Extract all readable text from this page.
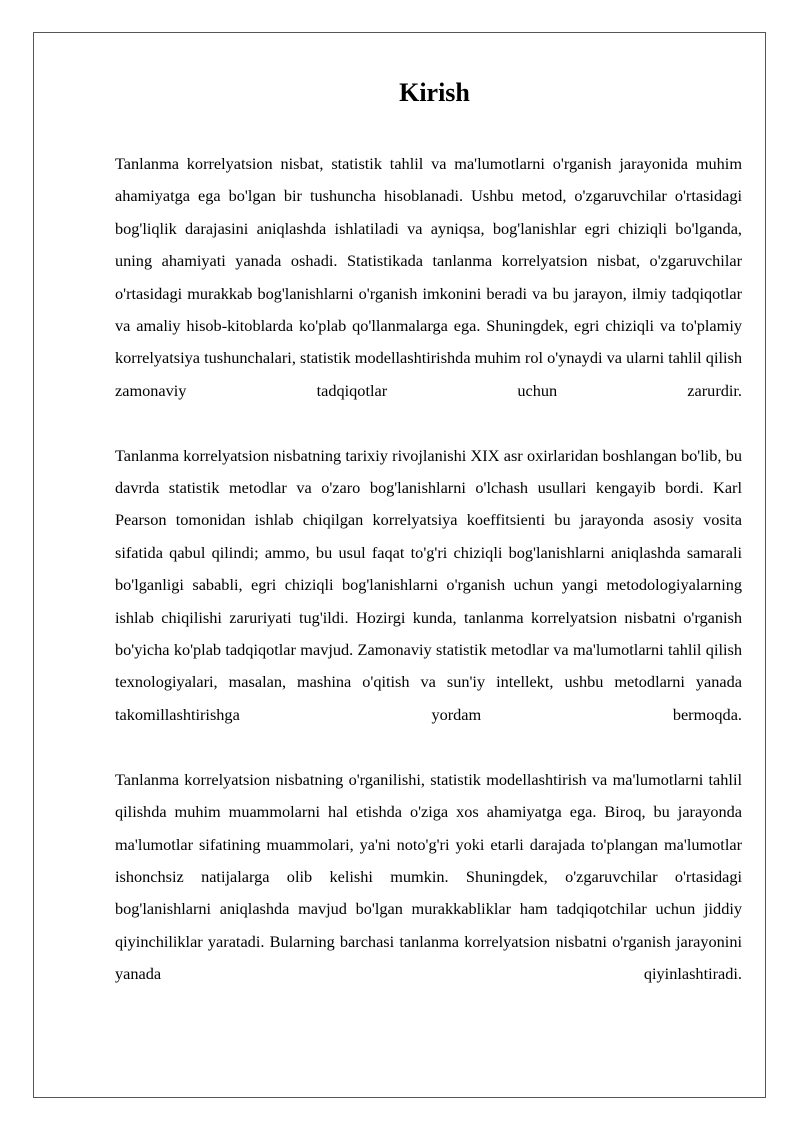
Kirish

Tanlanma korrelyatsion nisbat, statistik tahlil va ma'lumotlarni o'rganish jarayonida muhim ahamiyatga ega bo'lgan bir tushuncha hisoblanadi. Ushbu metod, o'zgaruvchilar o'rtasidagi bog'liqlik darajasini aniqlashda ishlatiladi va ayniqsa, bog'lanishlar egri chiziqli bo'lganda, uning ahamiyati yanada oshadi. Statistikada tanlanma korrelyatsion nisbat, o'zgaruvchilar o'rtasidagi murakkab bog'lanishlarni o'rganish imkonini beradi va bu jarayon, ilmiy tadqiqotlar va amaliy hisob-kitoblarda ko'plab qo'llanmalarga ega. Shuningdek, egri chiziqli va to'plamiy korrelyatsiya tushunchalari, statistik modellashtirishda muhim rol o'ynaydi va ularni tahlil qilish zamonaviy tadqiqotlar uchun zarurdir.

Tanlanma korrelyatsion nisbatning tarixiy rivojlanishi XIX asr oxirlaridan boshlangan bo'lib, bu davrda statistik metodlar va o'zaro bog'lanishlarni o'lchash usullari kengayib bordi. Karl Pearson tomonidan ishlab chiqilgan korrelyatsiya koeffitsienti bu jarayonda asosiy vosita sifatida qabul qilindi; ammo, bu usul faqat to'g'ri chiziqli bog'lanishlarni aniqlashda samarali bo'lganligi sababli, egri chiziqli bog'lanishlarni o'rganish uchun yangi metodologiyalarning ishlab chiqilishi zaruriyati tug'ildi. Hozirgi kunda, tanlanma korrelyatsion nisbatni o'rganish bo'yicha ko'plab tadqiqotlar mavjud. Zamonaviy statistik metodlar va ma'lumotlarni tahlil qilish texnologiyalari, masalan, mashina o'qitish va sun'iy intellekt, ushbu metodlarni yanada takomillashtirishga yordam bermoqda.

Tanlanma korrelyatsion nisbatning o'rganilishi, statistik modellashtirish va ma'lumotlarni tahlil qilishda muhim muammolarni hal etishda o'ziga xos ahamiyatga ega. Biroq, bu jarayonda ma'lumotlar sifatining muammolari, ya'ni noto'g'ri yoki etarli darajada to'plangan ma'lumotlar ishonchsiz natijalarga olib kelishi mumkin. Shuningdek, o'zgaruvchilar o'rtasidagi bog'lanishlarni aniqlashda mavjud bo'lgan murakkabliklar ham tadqiqotchilar uchun jiddiy qiyinchiliklar yaratadi. Bularning barchasi tanlanma korrelyatsion nisbatni o'rganish jarayonini yanada qiyinlashtiradi.
